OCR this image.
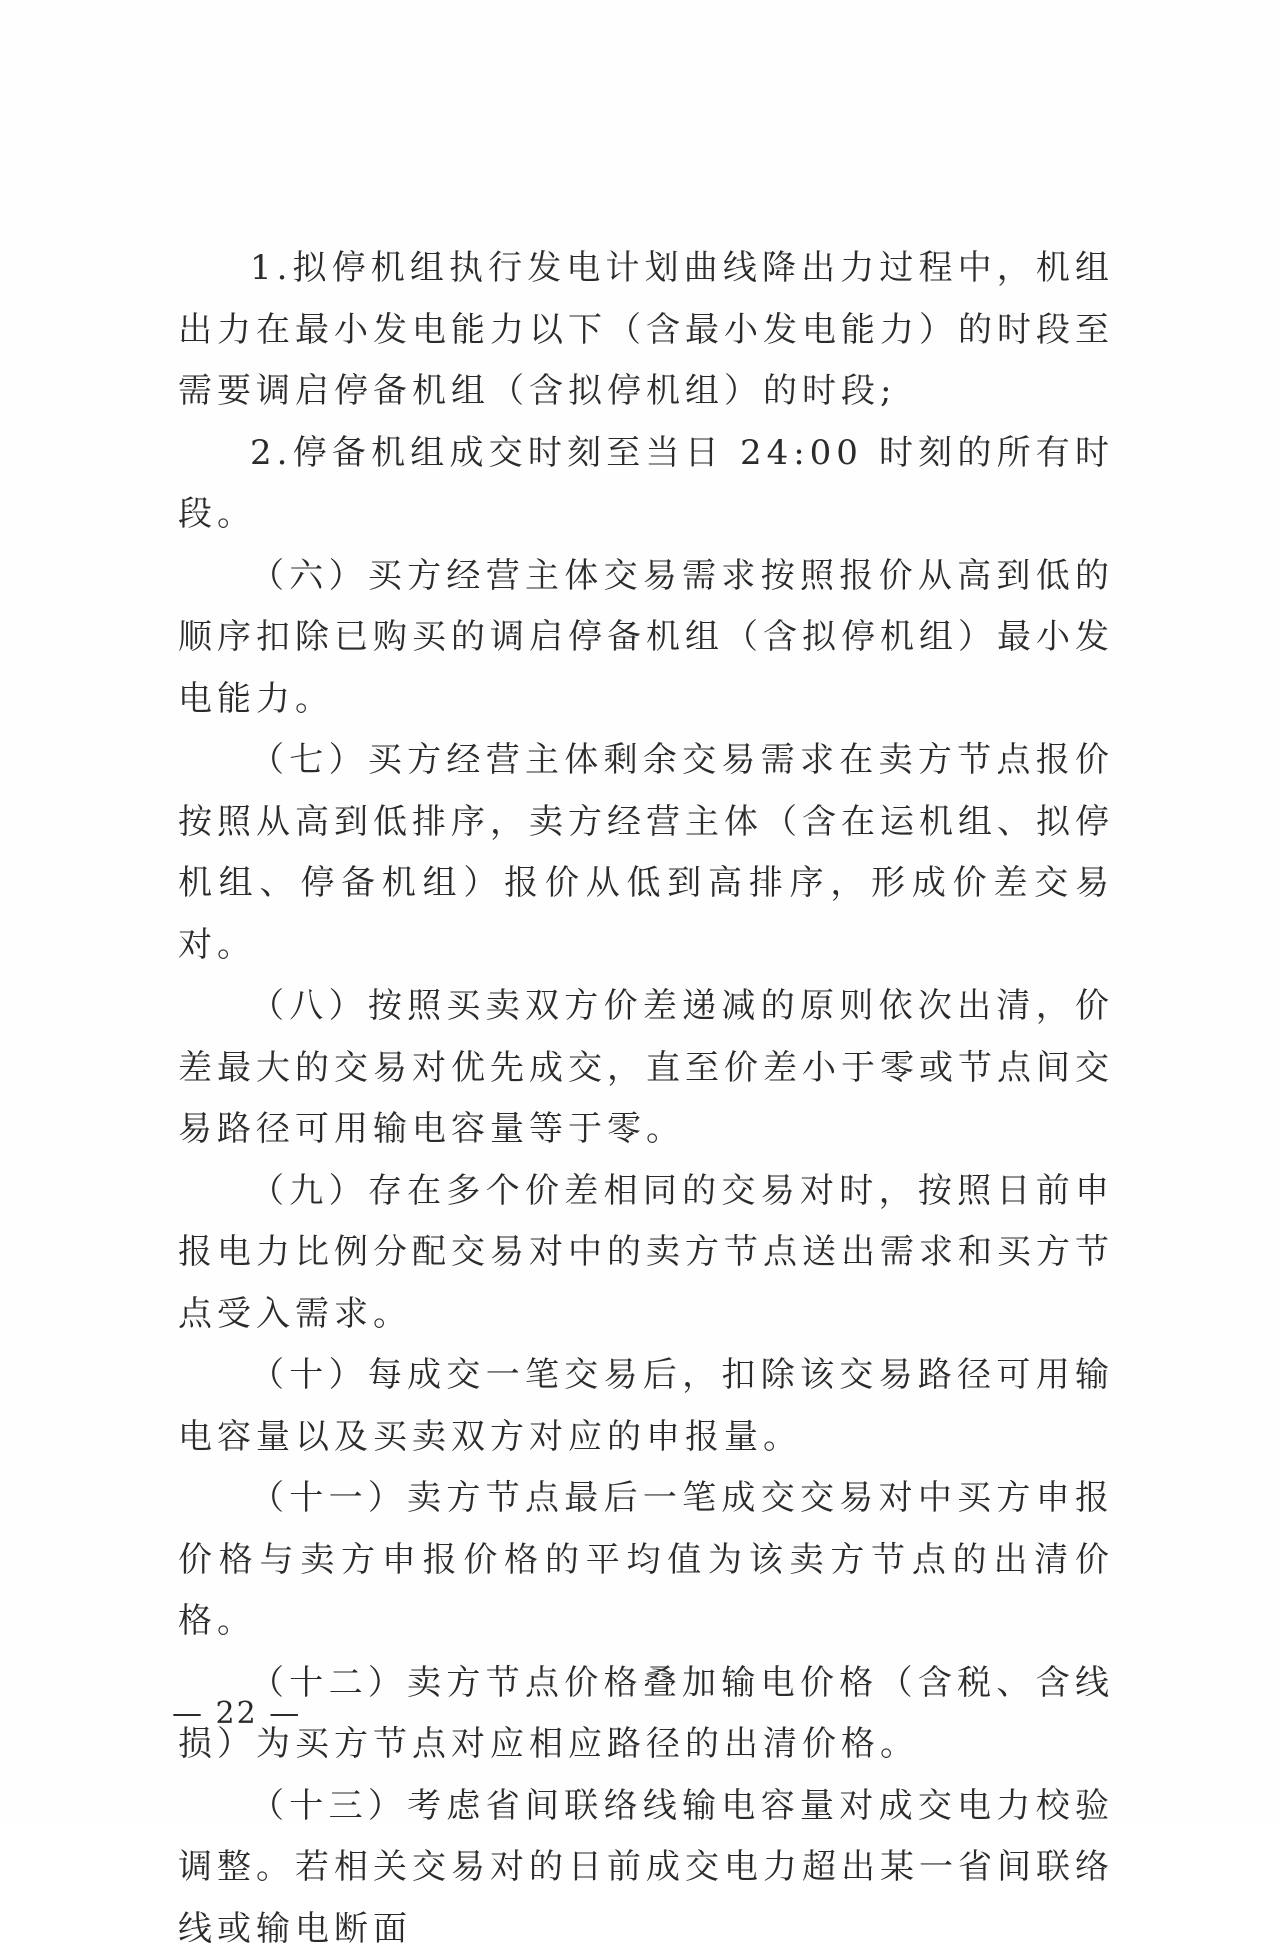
1.拟停机组执行发电计划曲线降出力过程中，机组出力在最小发电能力以下（含最小发电能力）的时段至需要调启停备机组（含拟停机组）的时段;

2.停备机组成交时刻至当日 24:00 时刻的所有时段。

（六）买方经营主体交易需求按照报价从高到低的顺序扣除已购买的调启停备机组（含拟停机组）最小发电能力。

（七）买方经营主体剩余交易需求在卖方节点报价按照从高到低排序，卖方经营主体（含在运机组、拟停机组、停备机组）报价从低到高排序，形成价差交易对。

（八）按照买卖双方价差递减的原则依次出清，价差最大的交易对优先成交，直至价差小于零或节点间交易路径可用输电容量等于零。

（九）存在多个价差相同的交易对时，按照日前申报电力比例分配交易对中的卖方节点送出需求和买方节点受入需求。

（十）每成交一笔交易后，扣除该交易路径可用输电容量以及买卖双方对应的申报量。

（十一）卖方节点最后一笔成交交易对中买方申报价格与卖方申报价格的平均值为该卖方节点的出清价格。

（十二）卖方节点价格叠加输电价格（含税、含线损）为买方节点对应相应路径的出清价格。

（十三）考虑省间联络线输电容量对成交电力校验调整。若相关交易对的日前成交电力超出某一省间联络线或输电断面

— 22 —
